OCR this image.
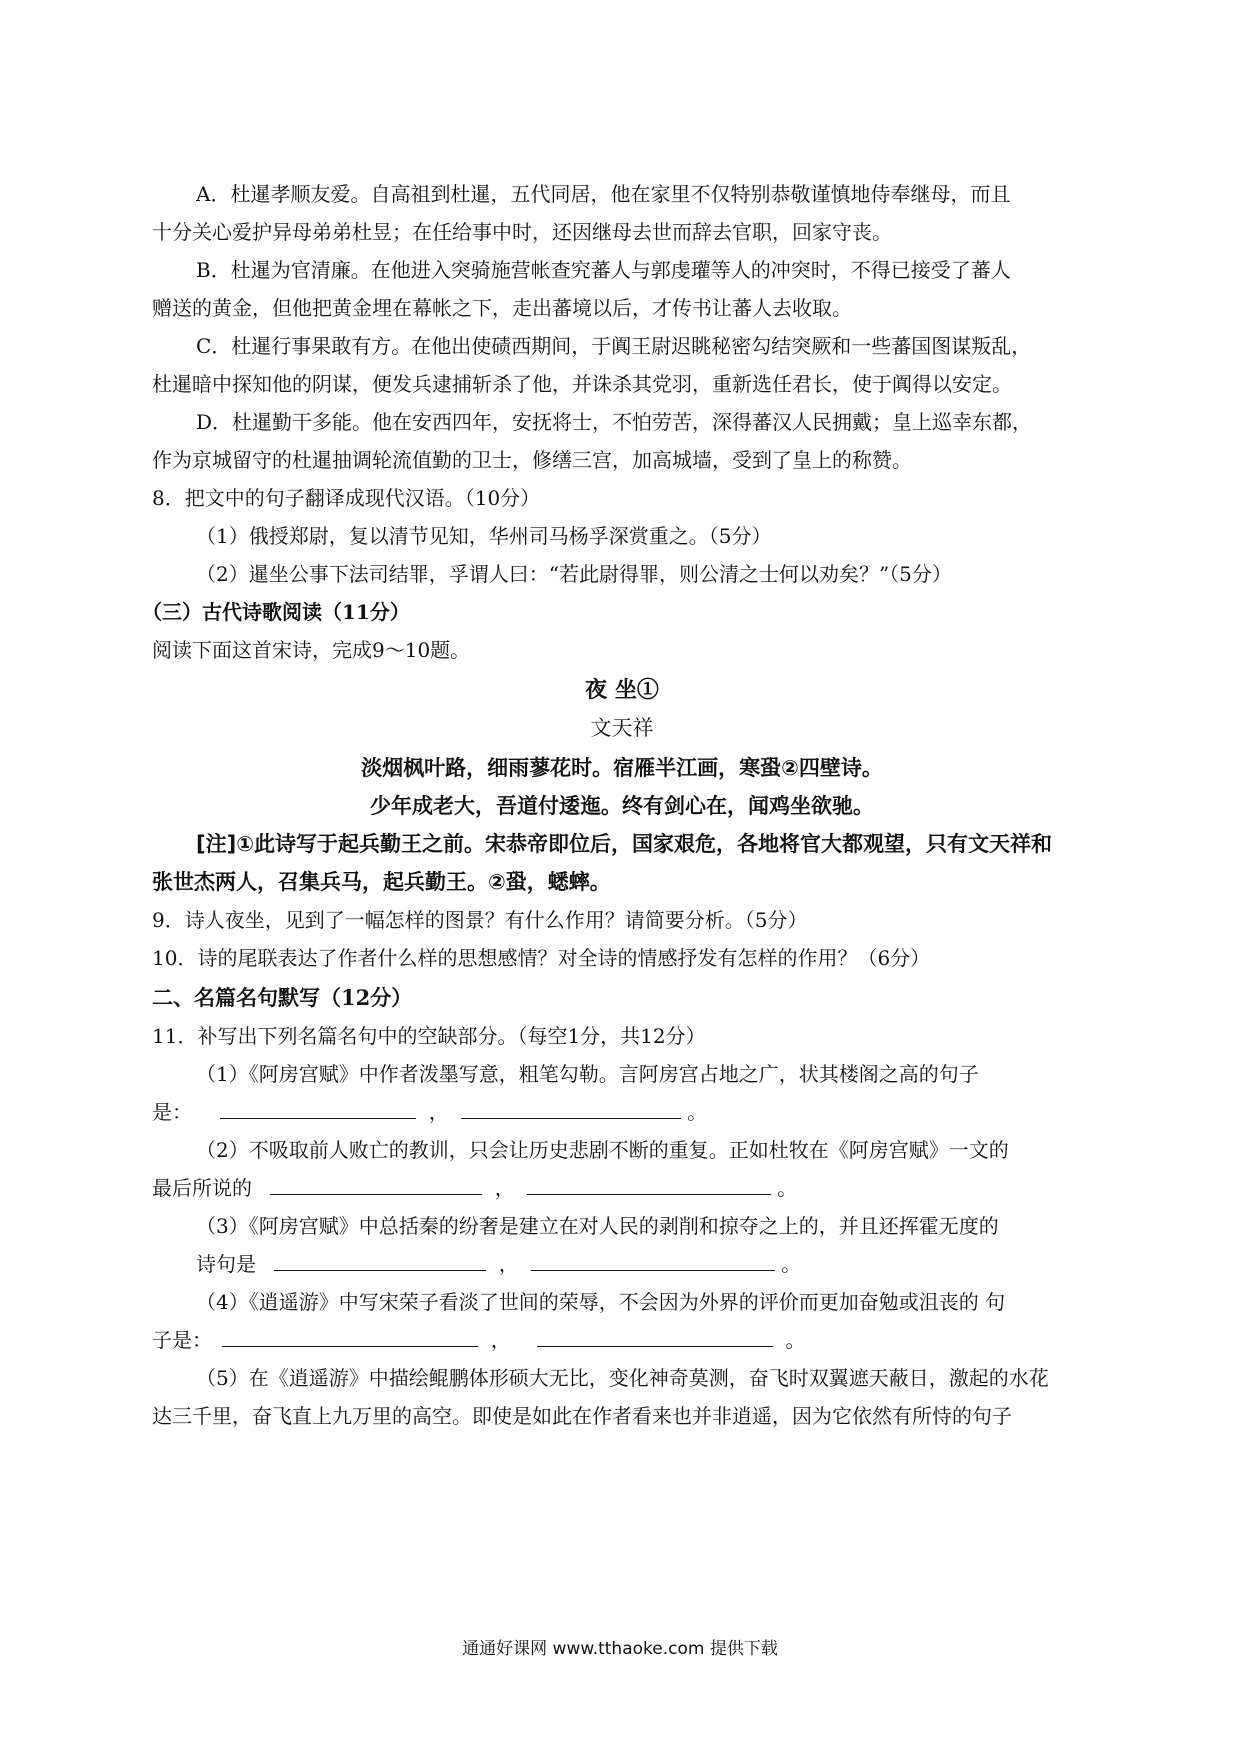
A．杜暹孝顺友爱。自高祖到杜暹，五代同居，他在家里不仅特别恭敬谨慎地侍奉继母，而且
十分关心爱护异母弟弟杜昱；在任给事中时，还因继母去世而辞去官职，回家守丧。
B．杜暹为官清廉。在他进入突骑施营帐查究蕃人与郭虔瓘等人的冲突时，不得已接受了蕃人
赠送的黄金，但他把黄金埋在幕帐之下，走出蕃境以后，才传书让蕃人去收取。
C．杜暹行事果敢有方。在他出使碛西期间，于阗王尉迟眺秘密勾结突厥和一些蕃国图谋叛乱，
杜暹暗中探知他的阴谋，便发兵逮捕斩杀了他，并诛杀其党羽，重新选任君长，使于阗得以安定。
D．杜暹勤干多能。他在安西四年，安抚将士，不怕劳苦，深得蕃汉人民拥戴；皇上巡幸东都，
作为京城留守的杜暹抽调轮流值勤的卫士，修缮三宫，加高城墙，受到了皇上的称赞。
8．把文中的句子翻译成现代汉语。（10分）
（1）俄授郑尉，复以清节见知，华州司马杨孚深赏重之。（5分）
（2）暹坐公事下法司结罪，孚谓人曰：“若此尉得罪，则公清之士何以劝矣？”（5分）
（三）古代诗歌阅读（11分）
阅读下面这首宋诗，完成9～10题。
夜 坐①
文天祥
淡烟枫叶路，细雨蓼花时。宿雁半江画，寒蛩②四壁诗。
少年成老大，吾道付逶迤。终有剑心在，闻鸡坐欲驰。
[注]①此诗写于起兵勤王之前。宋恭帝即位后，国家艰危，各地将官大都观望，只有文天祥和
张世杰两人，召集兵马，起兵勤王。②蛩，蟋蟀。
9．诗人夜坐，见到了一幅怎样的图景？有什么作用？请简要分析。（5分）
10．诗的尾联表达了作者什么样的思想感情？对全诗的情感抒发有怎样的作用？（6分）
二、名篇名句默写（12分）
11．补写出下列名篇名句中的空缺部分。（每空1分，共12分）
（1）《阿房宫赋》中作者泼墨写意，粗笔勾勒。言阿房宫占地之广，状其楼阁之高的句子
是：	，	。
（2）不吸取前人败亡的教训，只会让历史悲剧不断的重复。正如杜牧在《阿房宫赋》一文的
最后所说的	，	。
（3）《阿房宫赋》中总括秦的纷奢是建立在对人民的剥削和掠夺之上的，并且还挥霍无度的
诗句是	，	。
（4）《逍遥游》中写宋荣子看淡了世间的荣辱，不会因为外界的评价而更加奋勉或沮丧的 句
子是：	，	。
（5）在《逍遥游》中描绘鲲鹏体形硕大无比，变化神奇莫测，奋飞时双翼遮天蔽日，激起的水花
达三千里，奋飞直上九万里的高空。即使是如此在作者看来也并非逍遥，因为它依然有所恃的句子
通通好课网 www.tthaoke.com 提供下载
